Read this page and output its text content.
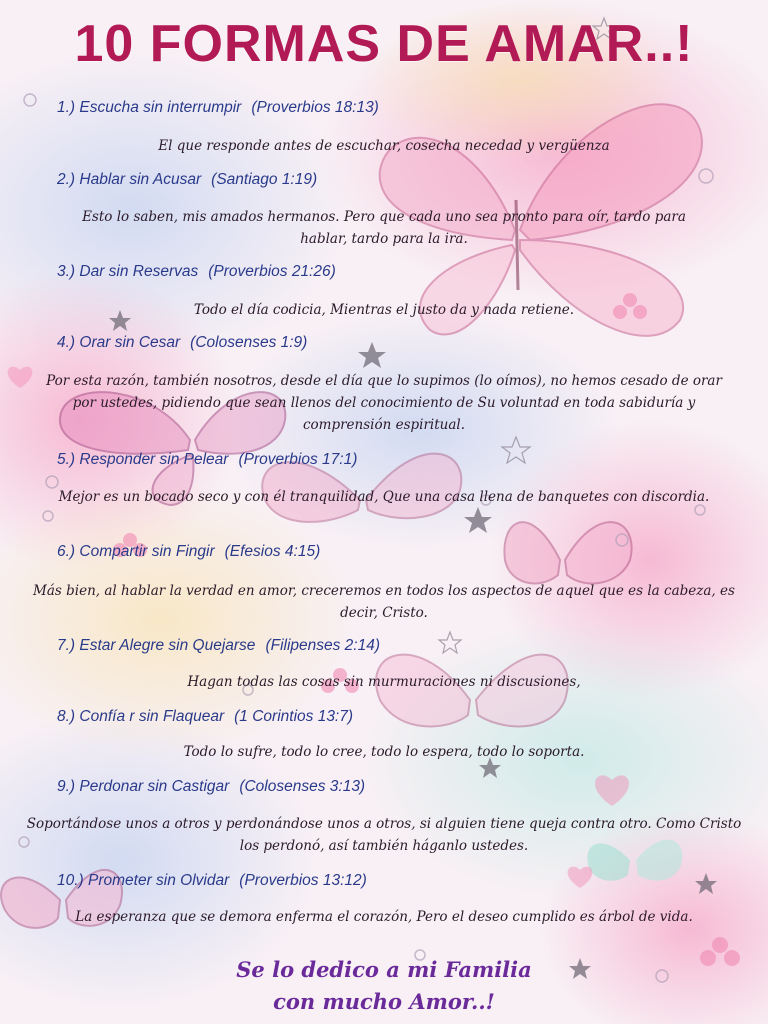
10 FORMAS DE AMAR..!
1.) Escucha sin interrumpir (Proverbios 18:13)
El que responde antes de escuchar, cosecha necedad y vergüenza
2.) Hablar sin Acusar (Santiago 1:19)
Esto lo saben, mis amados hermanos. Pero que cada uno sea pronto para oír, tardo para hablar, tardo para la ira.
3.) Dar sin Reservas (Proverbios 21:26)
Todo el día codicia, Mientras el justo da y nada retiene.
4.) Orar sin Cesar (Colosenses 1:9)
Por esta razón, también nosotros, desde el día que lo supimos (lo oímos), no hemos cesado de orar por ustedes, pidiendo que sean llenos del conocimiento de Su voluntad en toda sabiduría y comprensión espiritual.
5.) Responder sin Pelear (Proverbios 17:1)
Mejor es un bocado seco y con él tranquilidad, Que una casa llena de banquetes con discordia.
6.) Compartir sin Fingir (Efesios 4:15)
Más bien, al hablar la verdad en amor, creceremos en todos los aspectos de aquel que es la cabeza, es decir, Cristo.
7.) Estar Alegre sin Quejarse (Filipenses 2:14)
Hagan todas las cosas sin murmuraciones ni discusiones,
8.) Confía r sin Flaquear (1 Corintios 13:7)
Todo lo sufre, todo lo cree, todo lo espera, todo lo soporta.
9.) Perdonar sin Castigar (Colosenses 3:13)
Soportándose unos a otros y perdonándose unos a otros, si alguien tiene queja contra otro. Como Cristo los perdonó, así también háganlo ustedes.
10.) Prometer sin Olvidar (Proverbios 13:12)
La esperanza que se demora enferma el corazón, Pero el deseo cumplido es árbol de vida.
Se lo dedico a mi Familia
con mucho Amor..!
